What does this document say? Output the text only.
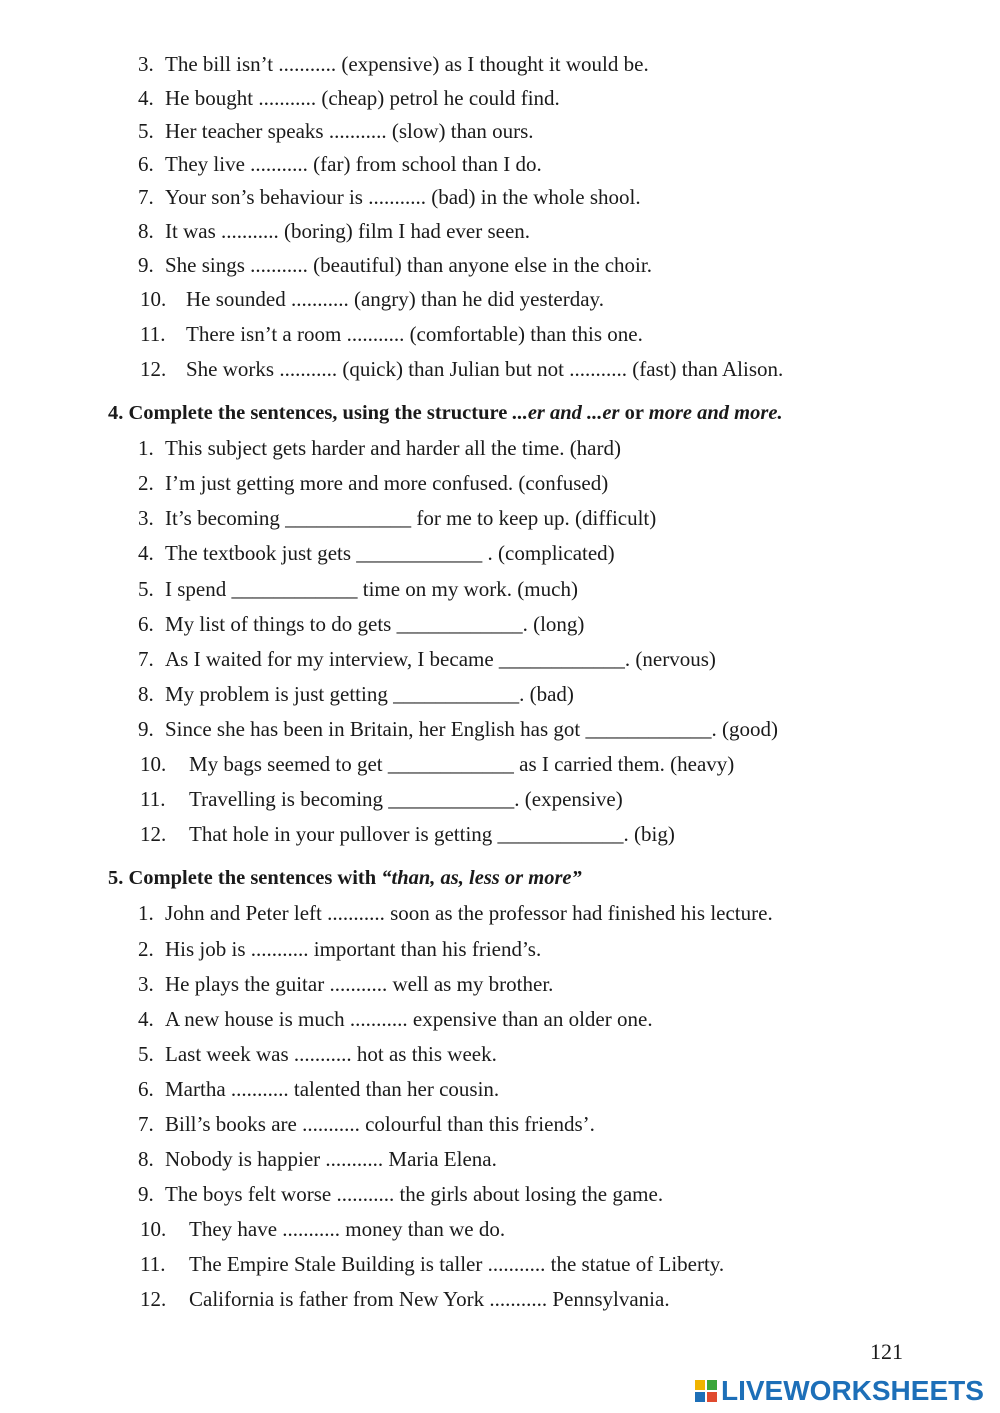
3. The bill isn’t ........... (expensive) as I thought it would be.
4. He bought ........... (cheap) petrol he could find.
5. Her teacher speaks ........... (slow) than ours.
6. They live ........... (far) from school than I do.
7. Your son’s behaviour is ........... (bad) in the whole shool.
8. It was ........... (boring) film I had ever seen.
9. She sings ........... (beautiful) than anyone else in the choir.
10. He sounded ........... (angry) than he did yesterday.
11. There isn’t a room ........... (comfortable) than this one.
12. She works ........... (quick) than Julian but not ........... (fast) than Alison.
4. Complete the sentences, using the structure ...er and ...er or more and more.
1. This subject gets harder and harder all the time. (hard)
2. I’m just getting more and more confused. (confused)
3. It’s becoming ____________ for me to keep up. (difficult)
4. The textbook just gets ____________ . (complicated)
5. I spend ____________ time on my work. (much)
6. My list of things to do gets ____________. (long)
7. As I waited for my interview, I became ____________. (nervous)
8. My problem is just getting ____________. (bad)
9. Since she has been in Britain, her English has got ____________. (good)
10. My bags seemed to get ____________ as I carried them. (heavy)
11. Travelling is becoming ____________. (expensive)
12. That hole in your pullover is getting ____________. (big)
5. Complete the sentences with “than, as, less or more”
1. John and Peter left ........... soon as the professor had finished his lecture.
2. His job is ........... important than his friend’s.
3. He plays the guitar ........... well as my brother.
4. A new house is much ........... expensive than an older one.
5. Last week was ........... hot as this week.
6. Martha ........... talented than her cousin.
7. Bill’s books are ........... colourful than this friends’.
8. Nobody is happier ........... Maria Elena.
9. The boys felt worse ........... the girls about losing the game.
10. They have ........... money than we do.
11. The Empire Stale Building is taller ........... the statue of Liberty.
12. California is father from New York ........... Pennsylvania.
121
LIVEWORKSHEETS
